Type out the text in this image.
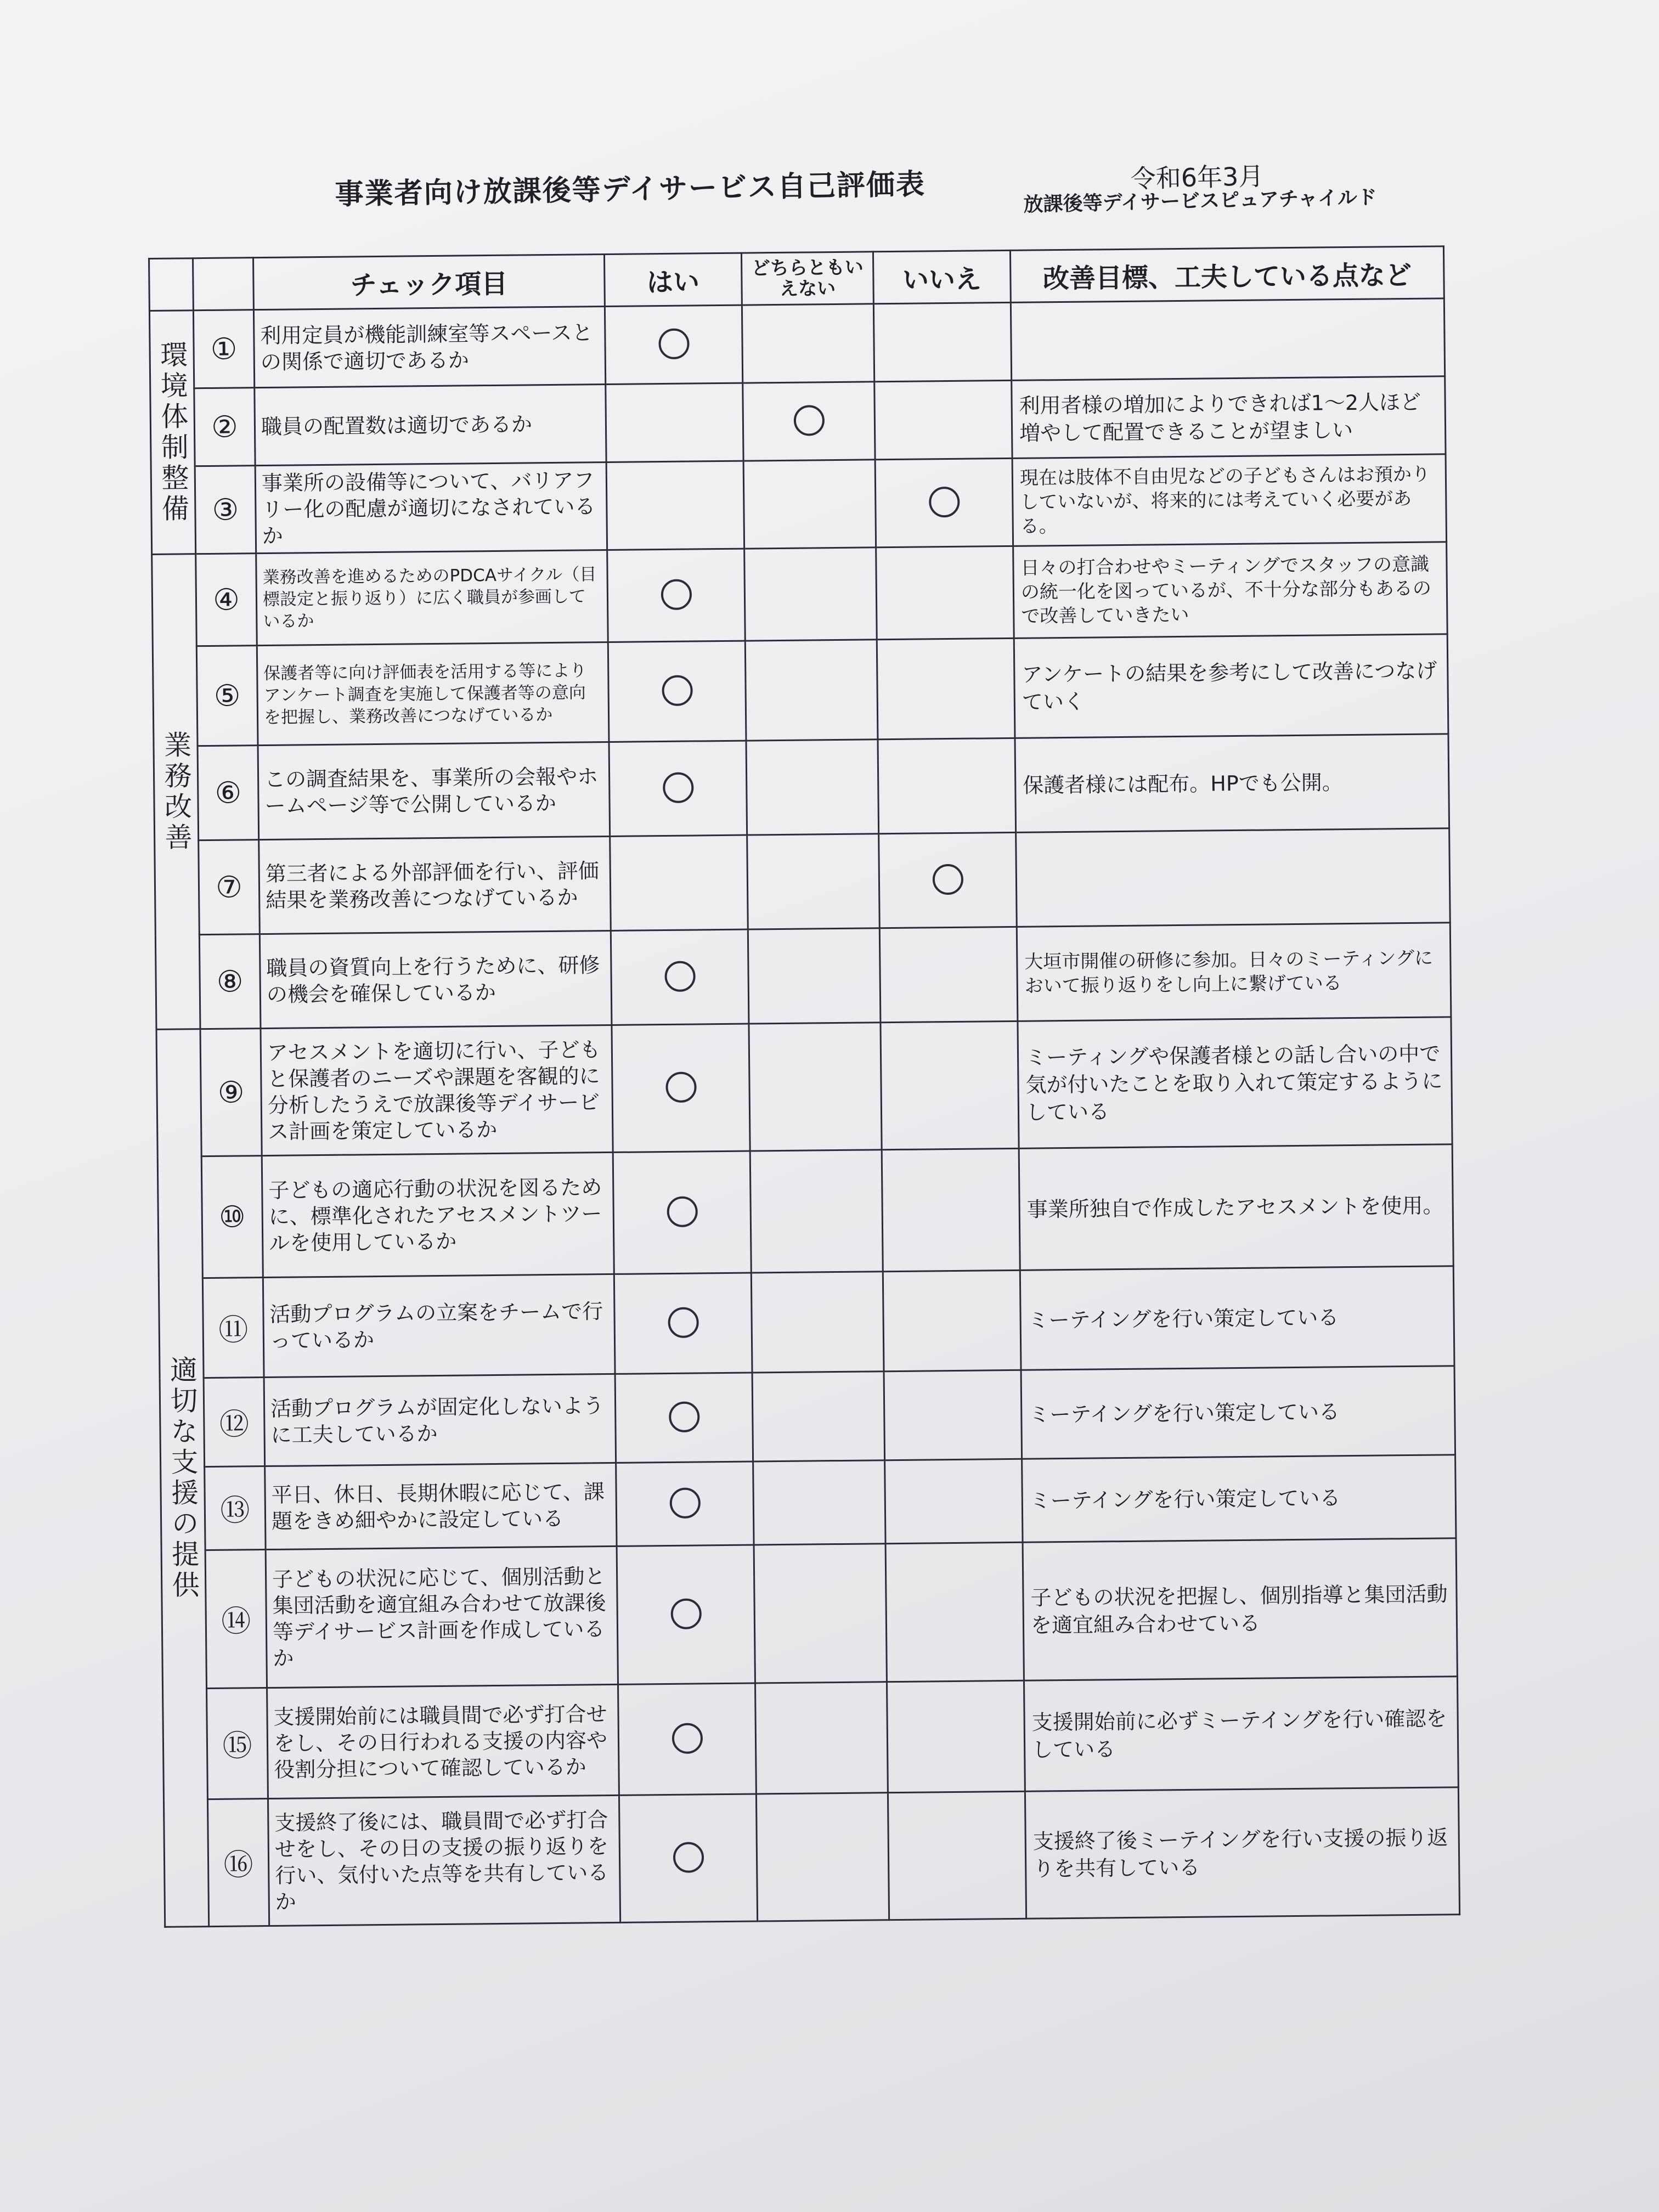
事業者向け放課後等デイサービス自己評価表	令和6年3月
放課後等デイサービスピュアチャイルド
		チェック項目	はい	どちらともいえない	いいえ	改善目標、工夫している点など
環境体制整備	①	利用定員が機能訓練室等スペースとの関係で適切であるか				
	②	職員の配置数は適切であるか				利用者様の増加によりできれば1～2人ほど増やして配置できることが望ましい
	③	事業所の設備等について、バリアフリー化の配慮が適切になされているか				現在は肢体不自由児などの子どもさんはお預かりしていないが、将来的には考えていく必要がある。
業務改善	④	業務改善を進めるためのPDCAサイクル（目標設定と振り返り）に広く職員が参画しているか				日々の打合わせやミーティングでスタッフの意識の統一化を図っているが、不十分な部分もあるので改善していきたい
	⑤	保護者等に向け評価表を活用する等によりアンケート調査を実施して保護者等の意向を把握し、業務改善につなげているか				アンケートの結果を参考にして改善につなげていく
	⑥	この調査結果を、事業所の会報やホームページ等で公開しているか				保護者様には配布。HPでも公開。
	⑦	第三者による外部評価を行い、評価結果を業務改善につなげているか				
	⑧	職員の資質向上を行うために、研修の機会を確保しているか				大垣市開催の研修に参加。日々のミーティングにおいて振り返りをし向上に繋げている
適切な支援の提供	⑨	アセスメントを適切に行い、子どもと保護者のニーズや課題を客観的に分析したうえで放課後等デイサービス計画を策定しているか				ミーティングや保護者様との話し合いの中で気が付いたことを取り入れて策定するようにしている
	⑩	子どもの適応行動の状況を図るために、標準化されたアセスメントツールを使用しているか				事業所独自で作成したアセスメントを使用。
	⑪	活動プログラムの立案をチームで行っているか				ミーテイングを行い策定している
	⑫	活動プログラムが固定化しないように工夫しているか				ミーテイングを行い策定している
	⑬	平日、休日、長期休暇に応じて、課題をきめ細やかに設定している				ミーテイングを行い策定している
	⑭	子どもの状況に応じて、個別活動と集団活動を適宜組み合わせて放課後等デイサービス計画を作成しているか				子どもの状況を把握し、個別指導と集団活動を適宜組み合わせている
	⑮	支援開始前には職員間で必ず打合せをし、その日行われる支援の内容や役割分担について確認しているか				支援開始前に必ずミーテイングを行い確認をしている
	⑯	支援終了後には、職員間で必ず打合せをし、その日の支援の振り返りを行い、気付いた点等を共有しているか				支援終了後ミーテイングを行い支援の振り返りを共有している
